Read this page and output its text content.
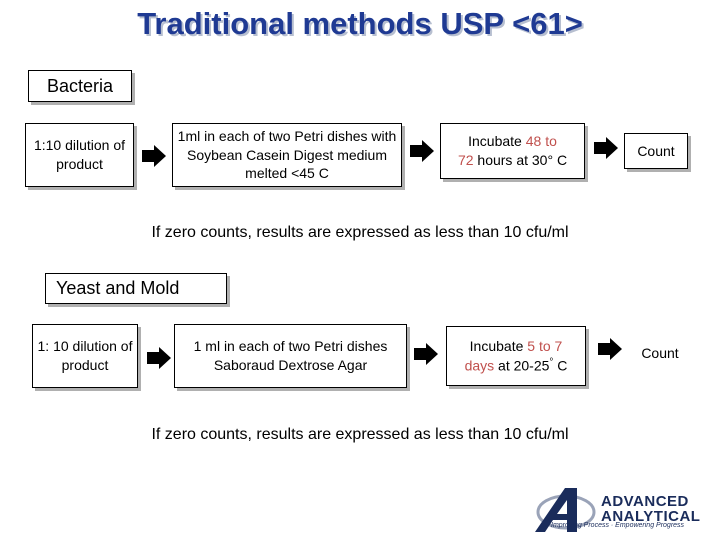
Traditional methods USP <61>
Bacteria
1:10 dilution of product
1ml in each of two Petri dishes with Soybean Casein Digest medium melted <45 C
Incubate 48 to
72 hours at 30° C
Count
If zero counts, results are expressed as less than 10 cfu/ml
Yeast and Mold
1: 10 dilution of product
1 ml in each of two Petri dishes Saboraud Dextrose Agar
Incubate 5 to 7
days at 20-25° C
Count
If zero counts, results are expressed as less than 10 cfu/ml
ADVANCED
ANALYTICAL
Improving Process · Empowering Progress
